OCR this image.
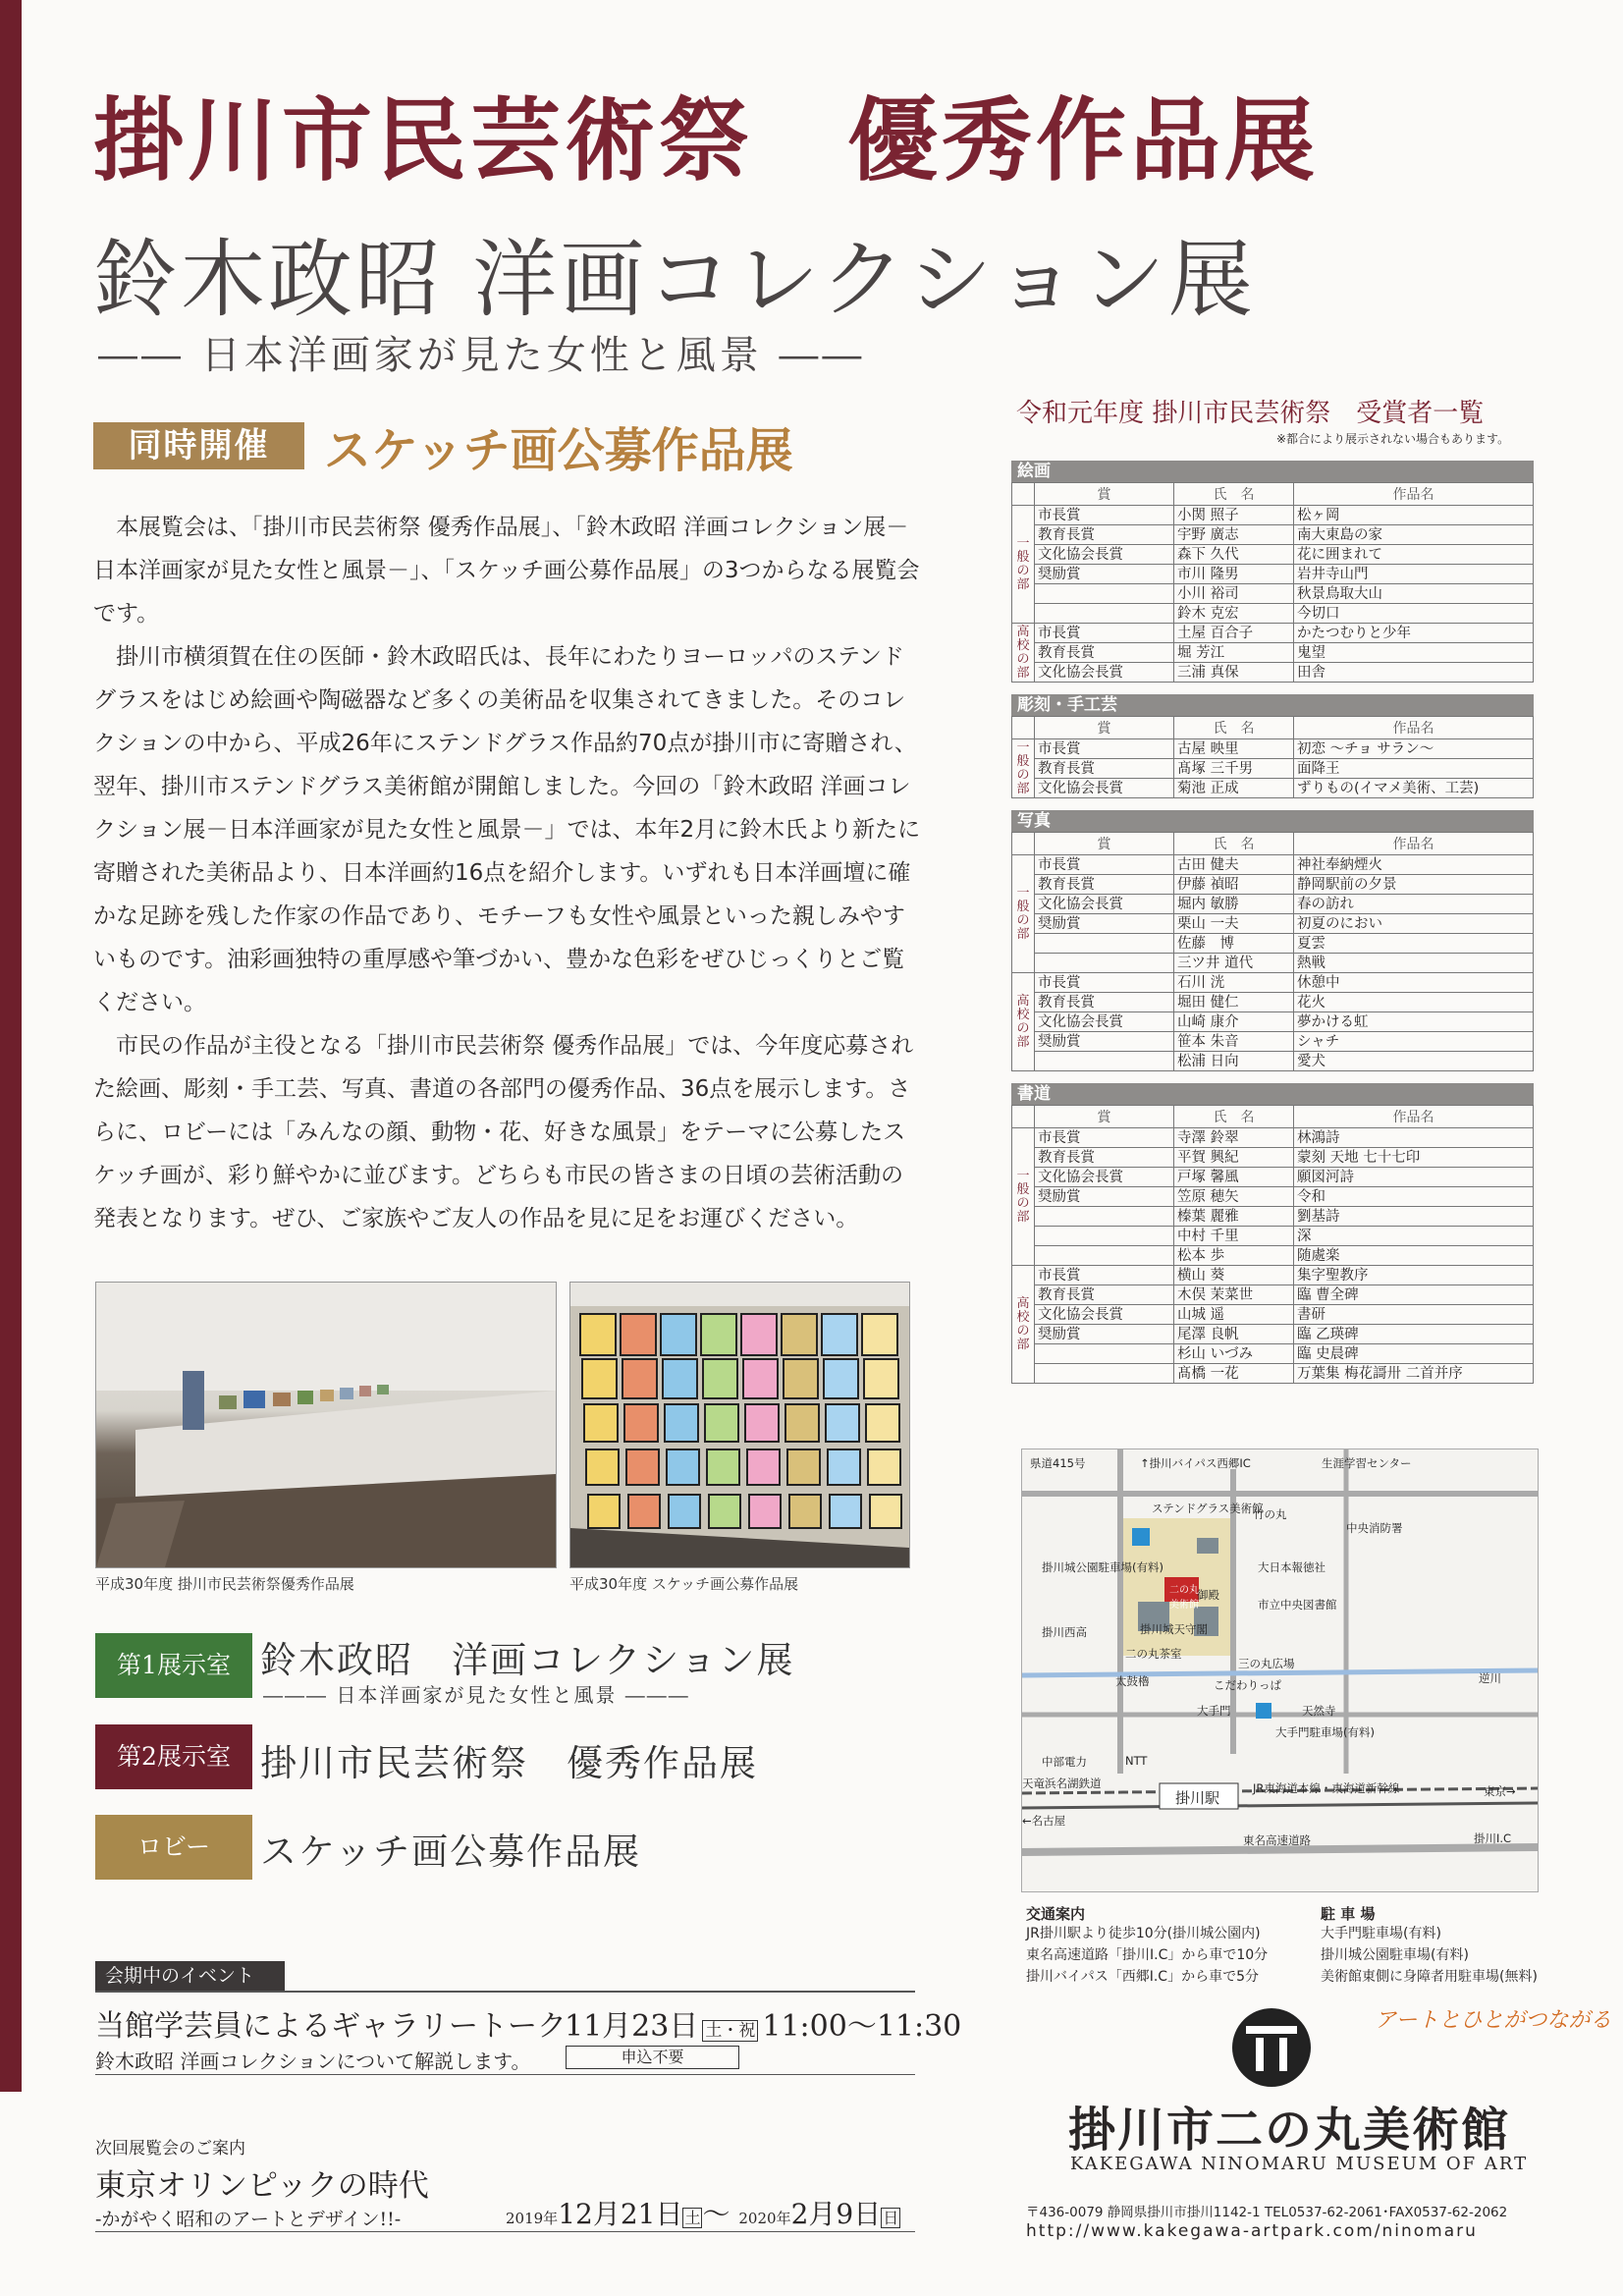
掛川市民芸術祭　優秀作品展
鈴木政昭 洋画コレクション展
―― 日本洋画家が見た女性と風景 ――
同時開催	スケッチ画公募作品展

本展覧会は、「掛川市民芸術祭 優秀作品展」、「鈴木政昭 洋画コレクション展－日本洋画家が見た女性と風景－」、「スケッチ画公募作品展」の3つからなる展覧会です。

掛川市横須賀在住の医師・鈴木政昭氏は、長年にわたりヨーロッパのステンドグラスをはじめ絵画や陶磁器など多くの美術品を収集されてきました。そのコレクションの中から、平成26年にステンドグラス作品約70点が掛川市に寄贈され、翌年、掛川市ステンドグラス美術館が開館しました。今回の「鈴木政昭 洋画コレクション展－日本洋画家が見た女性と風景－」では、本年2月に鈴木氏より新たに寄贈された美術品より、日本洋画約16点を紹介します。いずれも日本洋画壇に確かな足跡を残した作家の作品であり、モチーフも女性や風景といった親しみやすいものです。油彩画独特の重厚感や筆づかい、豊かな色彩をぜひじっくりとご覧ください。

市民の作品が主役となる「掛川市民芸術祭 優秀作品展」では、今年度応募された絵画、彫刻・手工芸、写真、書道の各部門の優秀作品、36点を展示します。さらに、ロビーには「みんなの顔、動物・花、好きな風景」をテーマに公募したスケッチ画が、彩り鮮やかに並びます。どちらも市民の皆さまの日頃の芸術活動の発表となります。ぜひ、ご家族やご友人の作品を見に足をお運びください。

平成30年度 掛川市民芸術祭優秀作品展	平成30年度 スケッチ画公募作品展
第1展示室 鈴木政昭　洋画コレクション展
――― 日本洋画家が見た女性と風景 ―――
第2展示室 掛川市民芸術祭　優秀作品展
ロビー	スケッチ画公募作品展
会期中のイベント
当館学芸員によるギャラリートーク
11月23日 土・祝 11:00〜11:30
鈴木政昭 洋画コレクションについて解説します。	申込不要
次回展覧会のご案内
東京オリンピックの時代
‐かがやく昭和のアートとデザイン!!‐	2019年12月21日 土〜 2020年2月9日 日
令和元年度 掛川市民芸術祭　受賞者一覧
※都合により展示されない場合もあります。
絵画
	賞	氏　名	作品名
一般の部	市長賞	小関 照子	松ヶ岡
	教育長賞	宇野 廣志	南大東島の家
	文化協会長賞	森下 久代	花に囲まれて
	奨励賞	市川 隆男	岩井寺山門
		小川 裕司	秋景鳥取大山
		鈴木 克宏	今切口
高校の部	市長賞	土屋 百合子	かたつむりと少年
	教育長賞	堀 芳江	鬼望
	文化協会長賞	三浦 真保	田舎
彫刻・手工芸
	賞	氏　名	作品名
一般の部	市長賞	古屋 映里	初恋 〜チョ サラン〜
	教育長賞	髙塚 三千男	面降王
	文化協会長賞	菊池 正成	ずりもの(イマメ美術、工芸)
写真
	賞	氏　名	作品名
一般の部	市長賞	古田 健夫	神社奉納煙火
	教育長賞	伊藤 禎昭	静岡駅前の夕景
	文化協会長賞	堀内 敏勝	春の訪れ
	奨励賞	栗山 一夫	初夏のにおい
		佐藤　博	夏雲
		三ツ井 道代	熱戦
高校の部	市長賞	石川 洸	休憩中
	教育長賞	堀田 健仁	花火
	文化協会長賞	山崎 康介	夢かける虹
	奨励賞	笹本 朱音	シャチ
		松浦 日向	愛犬
書道
	賞	氏　名	作品名
一般の部	市長賞	寺澤 鈴翠	林鴻詩
	教育長賞	平賀 興紀	蒙刻 天地 七十七印
	文化協会長賞	戸塚 馨風	願図河詩
	奨励賞	笠原 穂矢	令和
		榛葉 麗雅	劉基詩
		中村 千里	深
		松本 歩	随處楽
高校の部	市長賞	横山 葵	集字聖教序
	教育長賞	木俣 茉菜世	臨 曹全碑
	文化協会長賞	山城 遥	書研
	奨励賞	尾澤 良帆	臨 乙瑛碑
		杉山 いづみ	臨 史晨碑
		髙橋 一花	万葉集 梅花謌卅 二首并序
県道415号	↑掛川バイパス西郷IC	生涯学習センター
ステンドグラス美術館
竹の丸
中央消防署
掛川城公園駐車場(有料)	大日本報徳社
二の丸美術館
二の丸茶室
御殿
市立中央図書館
掛川西高	掛川城天守閣
三の丸広場
太鼓櫓	こだわりっぱ	逆川
大手門	天然寺
大手門駐車場(有料)
中部電力	NTT
天竜浜名湖鉄道
掛川駅
JR東海道本線・東海道新幹線	東京→
←名古屋
東名高速道路	掛川I.C
交通案内
JR掛川駅より徒歩10分(掛川城公園内)
東名高速道路「掛川I.C」から車で10分
掛川バイパス「西郷I.C」から車で5分
駐 車 場
大手門駐車場(有料)
掛川城公園駐車場(有料)
美術館東側に身障者用駐車場(無料)
アートとひとがつながる
掛川市二の丸美術館
KAKEGAWA NINOMARU MUSEUM OF ART
〒436-0079 静岡県掛川市掛川1142-1 TEL0537-62-2061･FAX0537-62-2062
http://www.kakegawa-artpark.com/ninomaru
